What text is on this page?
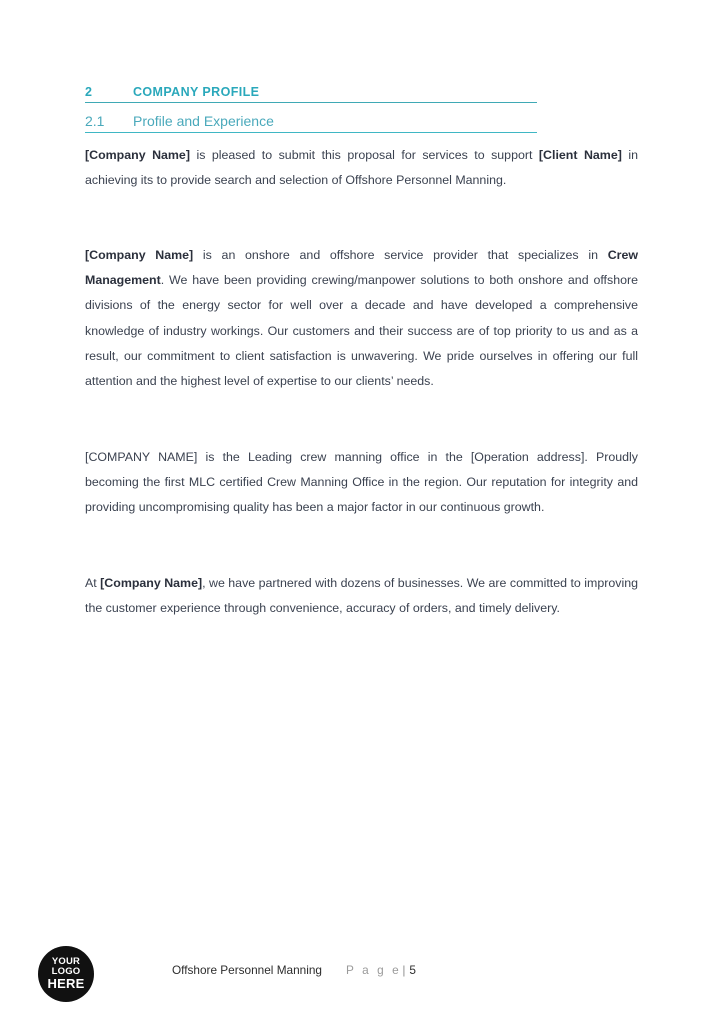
2	COMPANY PROFILE
2.1	Profile and Experience

[Company Name] is pleased to submit this proposal for services to support [Client Name] in achieving its to provide search and selection of Offshore Personnel Manning.

[Company Name] is an onshore and offshore service provider that specializes in Crew Management. We have been providing crewing/manpower solutions to both onshore and offshore divisions of the energy sector for well over a decade and have developed a comprehensive knowledge of industry workings. Our customers and their success are of top priority to us and as a result, our commitment to client satisfaction is unwavering. We pride ourselves in offering our full attention and the highest level of expertise to our clients’ needs.

[COMPANY NAME] is the Leading crew manning office in the [Operation address]. Proudly becoming the first MLC certified Crew Manning Office in the region. Our reputation for integrity and providing uncompromising quality has been a major factor in our continuous growth.

At [Company Name], we have partnered with dozens of businesses. We are committed to improving the customer experience through convenience, accuracy of orders, and timely delivery.

YOUR
LOGO
HERE
Offshore Personnel Manning P a g e | 5
